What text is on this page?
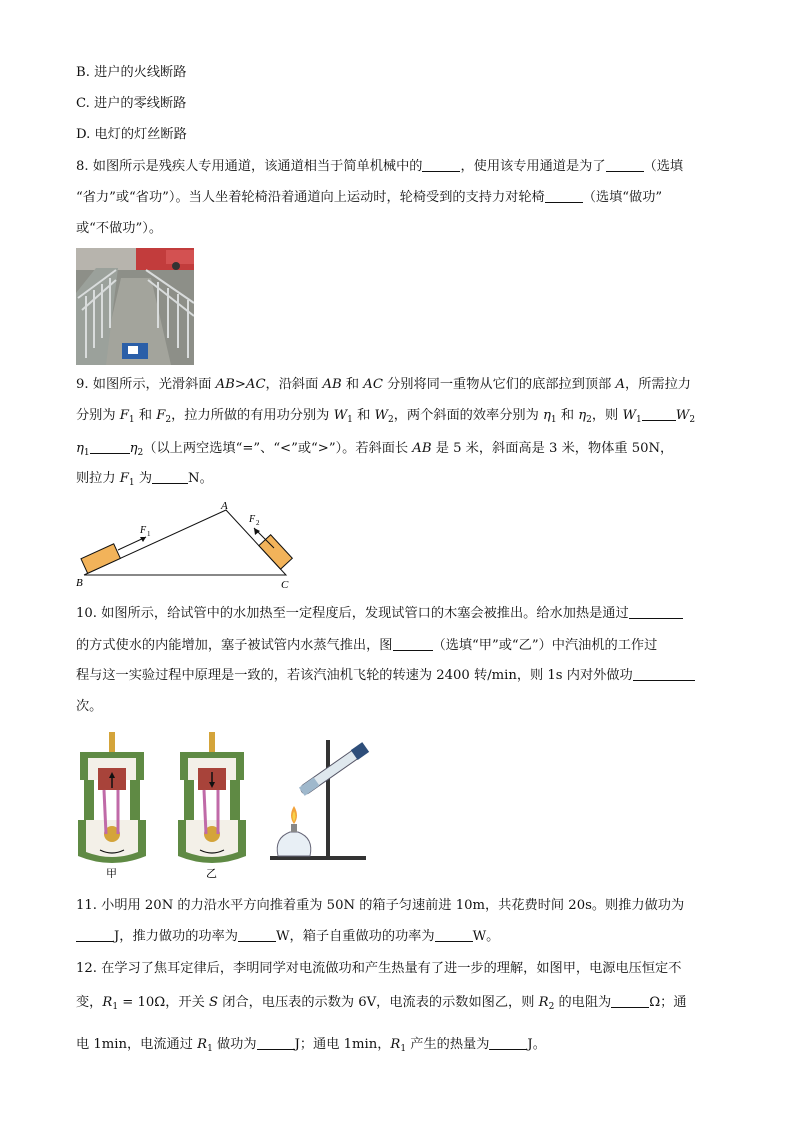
B. 进户的火线断路
C. 进户的零线断路
D. 电灯的灯丝断路
8. 如图所示是残疾人专用通道，该通道相当于简单机械中的	，使用该专用通道是为了	（选填
“省力”或“省功”）。当人坐着轮椅沿着通道向上运动时，轮椅受到的支持力对轮椅	（选填“做功”
或“不做功”）。
9. 如图所示，光滑斜面 AB>AC，沿斜面 AB 和 AC 分别将同一重物从它们的底部拉到顶部 A，所需拉力
分别为 $F_1$ 和 $F_2$，拉力所做的有用功分别为 $W_1$ 和 $W_2$，两个斜面的效率分别为 $\eta_1$ 和 $\eta_2$，则 $W_1$	$W_2$
$\eta_1$	$\eta_2$（以上两空选填“=”、“<”或“>”）。若斜面长 AB 是 5 米，斜面高是 3 米，物体重 50N，
则拉力 $F_1$ 为	N。
F 1
F 2
A
B	C
10. 如图所示，给试管中的水加热至一定程度后，发现试管口的木塞会被推出。给水加热是通过
的方式使水的内能增加，塞子被试管内水蒸气推出，图	（选填“甲”或“乙”）中汽油机的工作过
程与这一实验过程中原理是一致的，若该汽油机飞轮的转速为 2400 转/min，则 1s 内对外做功
次。
甲	乙
11. 小明用 20N 的力沿水平方向推着重为 50N 的箱子匀速前进 10m，共花费时间 20s。则推力做功为
J，推力做功的功率为	W，箱子自重做功的功率为	W。
12. 在学习了焦耳定律后，李明同学对电流做功和产生热量有了进一步的理解，如图甲，电源电压恒定不
变，$R_1 = 10\Omega$，开关 S 闭合，电压表的示数为 6V，电流表的示数如图乙，则 $R_2$ 的电阻为	Ω；通
电 1min，电流通过 $R_1$ 做功为	J；通电 1min，$R_1$ 产生的热量为	J。
